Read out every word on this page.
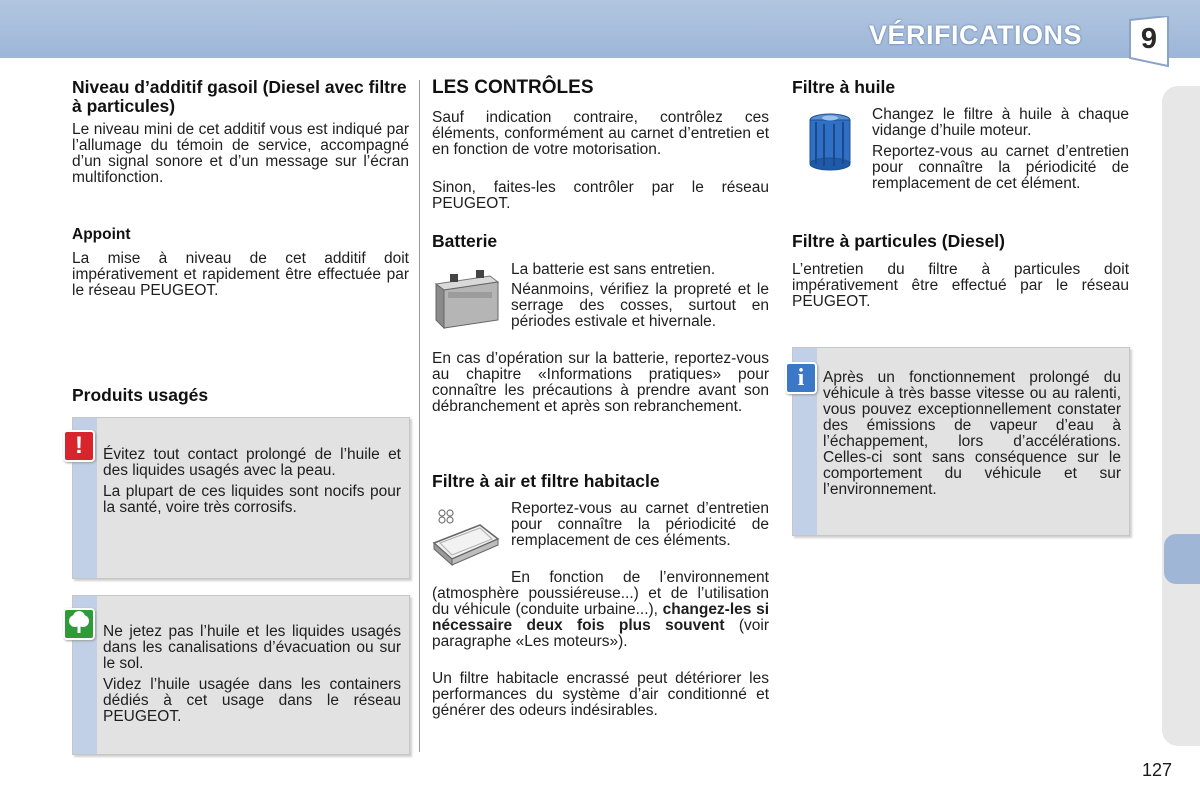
VÉRIFICATIONS	9
Niveau d’additif gasoil (Diesel avec filtre à particules)
Le niveau mini de cet additif vous est indiqué par l’allumage du témoin de service, accompagné d’un signal sonore et d’un message sur l’écran multifonction.
Appoint
La mise à niveau de cet additif doit impérativement et rapidement être effectuée par le réseau PEUGEOT.
Produits usagés
!	Évitez tout contact prolongé de l’huile et des liquides usagés avec la peau.
La plupart de ces liquides sont nocifs pour la santé, voire très corrosifs.
Ne jetez pas l’huile et les liquides usagés dans les canalisations d’évacuation ou sur le sol.
Videz l’huile usagée dans les containers dédiés à cet usage dans le réseau PEUGEOT.
LES CONTRÔLES
Sauf indication contraire, contrôlez ces éléments, conformément au carnet d’entretien et en fonction de votre motorisation.
Sinon, faites-les contrôler par le réseau PEUGEOT.
Batterie
La batterie est sans entretien.
Néanmoins, vérifiez la propreté et le serrage des cosses, surtout en périodes estivale et hivernale.
En cas d’opération sur la batterie, reportez-vous au chapitre «Informations pratiques» pour connaître les précautions à prendre avant son débranchement et après son rebranchement.
Filtre à air et filtre habitacle
Reportez-vous au carnet d’entretien pour connaître la périodicité de remplacement de ces éléments.
En fonction de l’environnement (atmosphère poussiéreuse...) et de l’utilisation du véhicule (conduite urbaine...), changez-les si nécessaire deux fois plus souvent (voir paragraphe «Les moteurs»).
Un filtre habitacle encrassé peut détériorer les performances du système d’air conditionné et générer des odeurs indésirables.
Filtre à huile
Changez le filtre à huile à chaque vidange d’huile moteur.
Reportez-vous au carnet d’entretien pour connaître la périodicité de remplacement de cet élément.
Filtre à particules (Diesel)
L’entretien du filtre à particules doit impérativement être effectué par le réseau PEUGEOT.
i	Après un fonctionnement prolongé du véhicule à très basse vitesse ou au ralenti, vous pouvez exceptionnellement constater des émissions de vapeur d’eau à l’échappement, lors d’accélérations. Celles-ci sont sans conséquence sur le comportement du véhicule et sur l’environnement.
127
